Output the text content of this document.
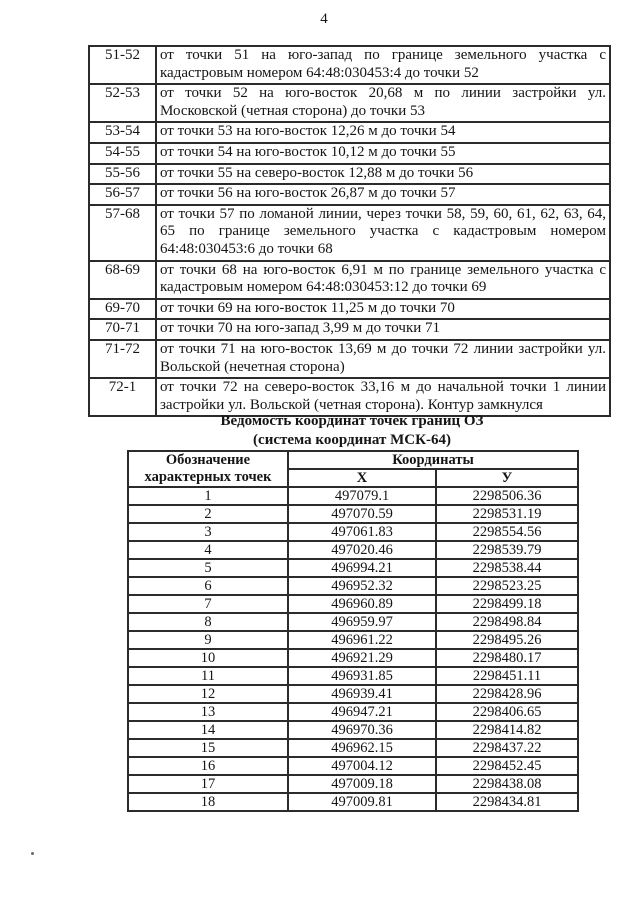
4
51-52	от точки 51 на юго-запад по границе земельного участка с кадастровым номером 64:48:030453:4 до точки 52
52-53	от точки 52 на юго-восток 20,68 м по линии застройки ул. Московской (четная сторона) до точки 53
53-54	от точки 53 на юго-восток 12,26 м до точки 54
54-55	от точки 54 на юго-восток 10,12 м до точки 55
55-56	от точки 55 на северо-восток 12,88 м до точки 56
56-57	от точки 56 на юго-восток 26,87 м до точки 57
57-68	от точки 57 по ломаной линии, через точки 58, 59, 60, 61, 62, 63, 64, 65 по границе земельного участка с кадастровым номером 64:48:030453:6 до точки 68
68-69	от точки 68 на юго-восток 6,91 м по границе земельного участка с кадастровым номером 64:48:030453:12 до точки 69
69-70	от точки 69 на юго-восток 11,25 м до точки 70
70-71	от точки 70 на юго-запад 3,99 м до точки 71
71-72	от точки 71 на юго-восток 13,69 м до точки 72 линии застройки ул. Вольской (нечетная сторона)
72-1	от точки 72 на северо-восток 33,16 м до начальной точки 1 линии застройки ул. Вольской (четная сторона). Контур замкнулся
Ведомость координат точек границ ОЗ
(система координат МСК-64)
Обозначение характерных точек	Координаты	
	Х	У
1	497079.1	2298506.36
2	497070.59	2298531.19
3	497061.83	2298554.56
4	497020.46	2298539.79
5	496994.21	2298538.44
6	496952.32	2298523.25
7	496960.89	2298499.18
8	496959.97	2298498.84
9	496961.22	2298495.26
10	496921.29	2298480.17
11	496931.85	2298451.11
12	496939.41	2298428.96
13	496947.21	2298406.65
14	496970.36	2298414.82
15	496962.15	2298437.22
16	497004.12	2298452.45
17	497009.18	2298438.08
18	497009.81	2298434.81
